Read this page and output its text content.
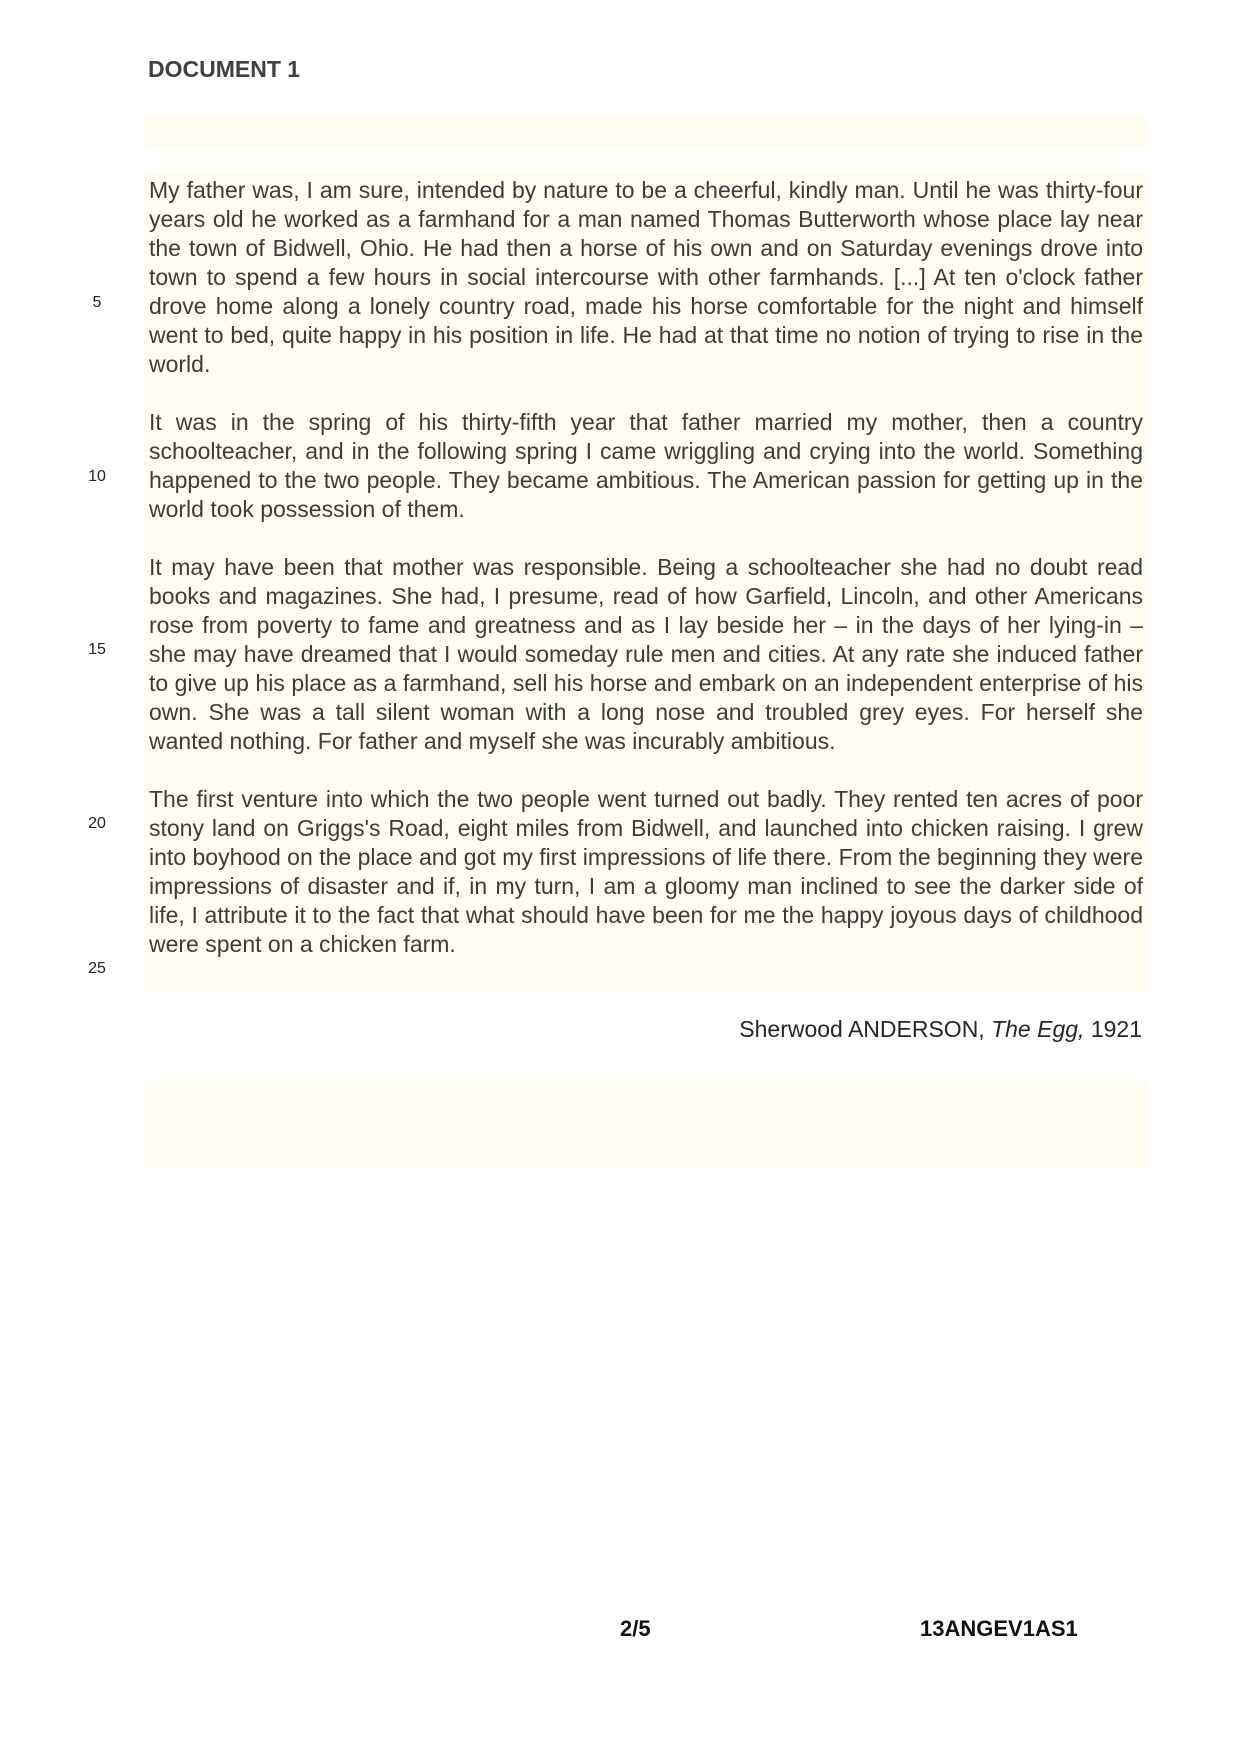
DOCUMENT 1
5
10
15
20
25

My father was, I am sure, intended by nature to be a cheerful, kindly man. Until he was thirty-four years old he worked as a farmhand for a man named Thomas Butterworth whose place lay near the town of Bidwell, Ohio. He had then a horse of his own and on Saturday evenings drove into town to spend a few hours in social intercourse with other farmhands. [...] At ten o'clock father drove home along a lonely country road, made his horse comfortable for the night and himself went to bed, quite happy in his position in life. He had at that time no notion of trying to rise in the world.

It was in the spring of his thirty-fifth year that father married my mother, then a country schoolteacher, and in the following spring I came wriggling and crying into the world. Something happened to the two people. They became ambitious. The American passion for getting up in the world took possession of them.

It may have been that mother was responsible. Being a schoolteacher she had no doubt read books and magazines. She had, I presume, read of how Garfield, Lincoln, and other Americans rose from poverty to fame and greatness and as I lay beside her – in the days of her lying-in – she may have dreamed that I would someday rule men and cities. At any rate she induced father to give up his place as a farmhand, sell his horse and embark on an independent enterprise of his own. She was a tall silent woman with a long nose and troubled grey eyes. For herself she wanted nothing. For father and myself she was incurably ambitious.

The first venture into which the two people went turned out badly. They rented ten acres of poor stony land on Griggs's Road, eight miles from Bidwell, and launched into chicken raising. I grew into boyhood on the place and got my first impressions of life there. From the beginning they were impressions of disaster and if, in my turn, I am a gloomy man inclined to see the darker side of life, I attribute it to the fact that what should have been for me the happy joyous days of childhood were spent on a chicken farm.

Sherwood ANDERSON, The Egg, 1921
2/5	13ANGEV1AS1
